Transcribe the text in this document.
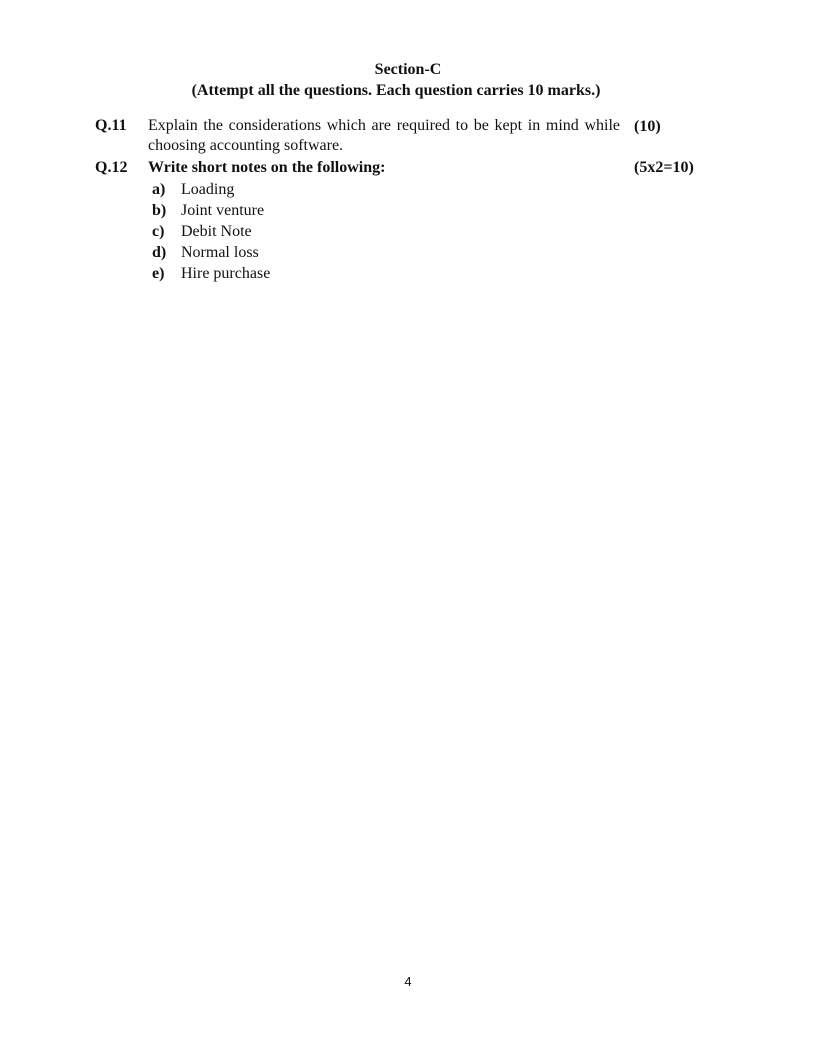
Section-C
(Attempt all the questions. Each question carries 10 marks.)
Q.11 Explain the considerations which are required to be kept in mind while choosing accounting software.
(10)
Q.12 Write short notes on the following:	(5x2=10)
a) Loading
b) Joint venture
c) Debit Note
d) Normal loss
e) Hire purchase
4
